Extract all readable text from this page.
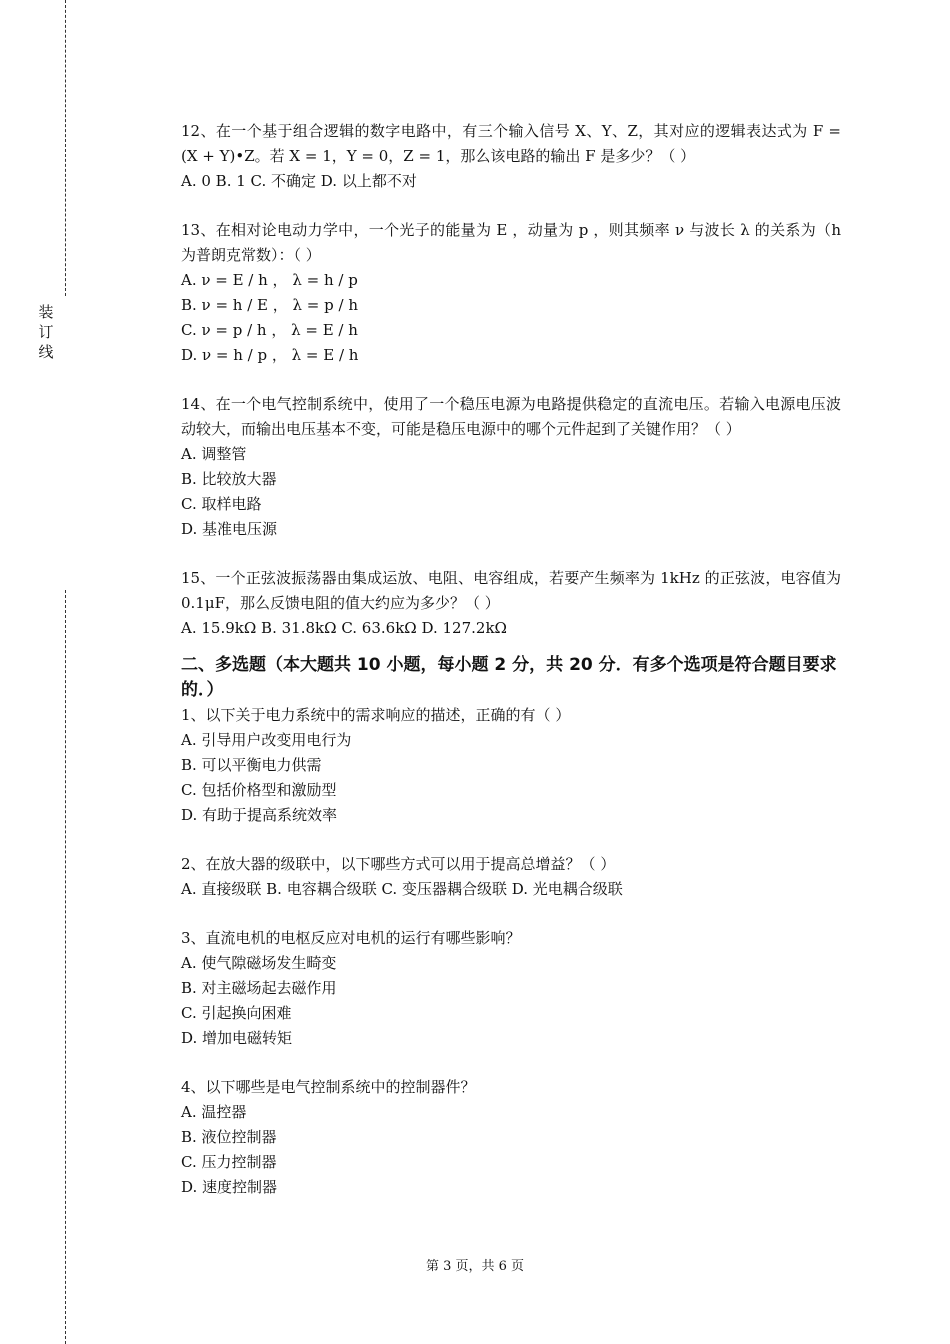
装
订
线
12、在一个基于组合逻辑的数字电路中，有三个输入信号 X、Y、Z，其对应的逻辑表达式为 F = (X + Y)•Z。若 X = 1，Y = 0，Z = 1，那么该电路的输出 F 是多少？（ ）
A. 0 B. 1 C. 不确定 D. 以上都不对
13、在相对论电动力学中，一个光子的能量为 E ，动量为 p ，则其频率 ν 与波长 λ 的关系为（h 为普朗克常数）：（ ）
A. ν = E / h ， λ = h / p
B. ν = h / E ， λ = p / h
C. ν = p / h ， λ = E / h
D. ν = h / p ， λ = E / h
14、在一个电气控制系统中，使用了一个稳压电源为电路提供稳定的直流电压。若输入电源电压波动较大，而输出电压基本不变，可能是稳压电源中的哪个元件起到了关键作用？（ ）
A. 调整管
B. 比较放大器
C. 取样电路
D. 基准电压源
15、一个正弦波振荡器由集成运放、电阻、电容组成，若要产生频率为 1kHz 的正弦波，电容值为 0.1μF，那么反馈电阻的值大约应为多少？（ ）
A. 15.9kΩ B. 31.8kΩ C. 63.6kΩ D. 127.2kΩ
二、多选题（本大题共 10 小题，每小题 2 分，共 20 分．有多个选项是符合题目要求的．）
1、以下关于电力系统中的需求响应的描述，正确的有（ ）
A. 引导用户改变用电行为
B. 可以平衡电力供需
C. 包括价格型和激励型
D. 有助于提高系统效率
2、在放大器的级联中，以下哪些方式可以用于提高总增益？（ ）
A. 直接级联 B. 电容耦合级联 C. 变压器耦合级联 D. 光电耦合级联
3、直流电机的电枢反应对电机的运行有哪些影响？
A. 使气隙磁场发生畸变
B. 对主磁场起去磁作用
C. 引起换向困难
D. 增加电磁转矩
4、以下哪些是电气控制系统中的控制器件？
A. 温控器
B. 液位控制器
C. 压力控制器
D. 速度控制器
第 3 页，共 6 页
